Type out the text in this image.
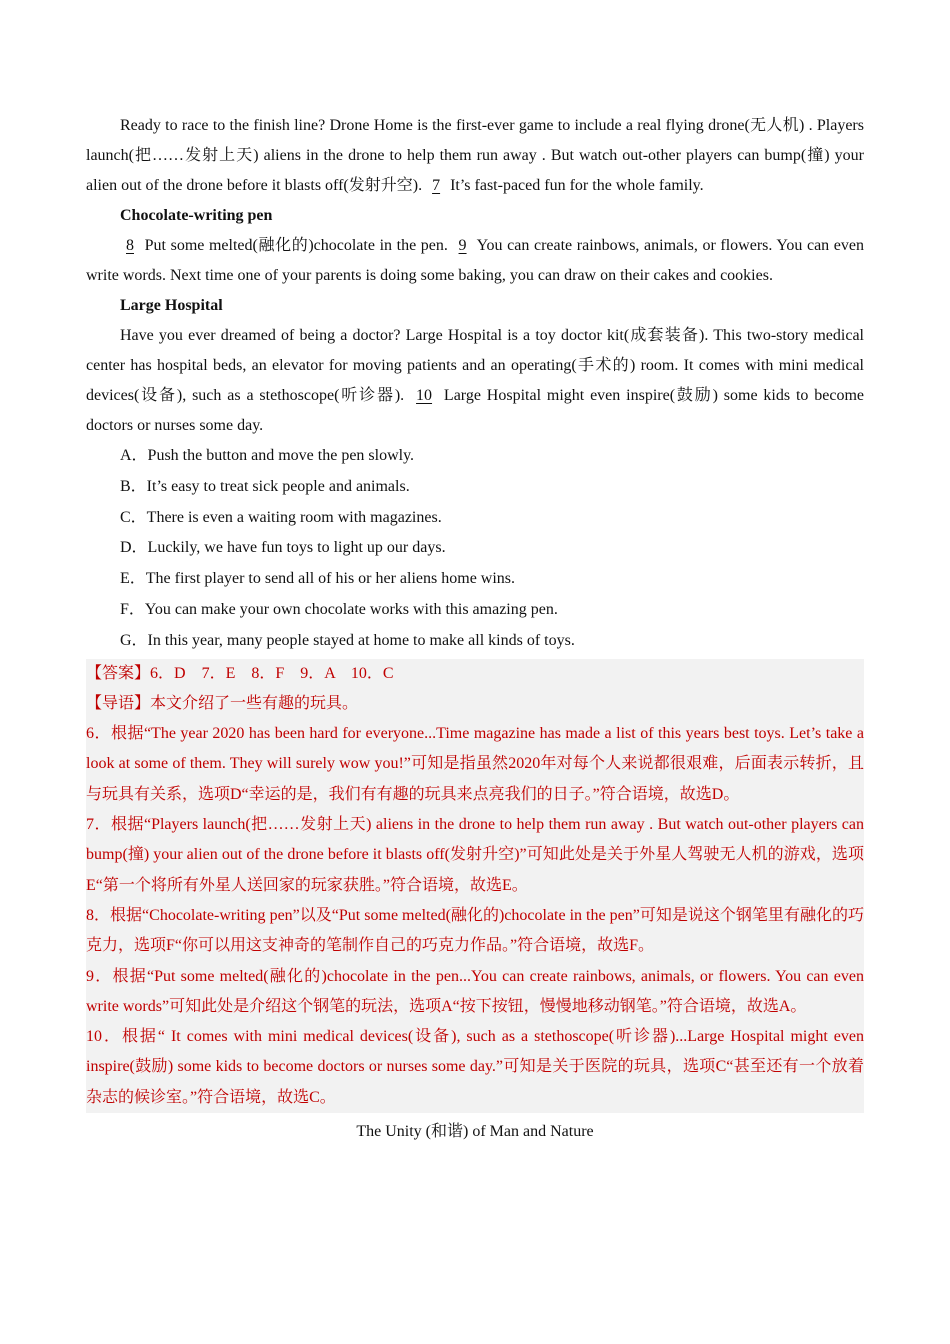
Ready to race to the finish line? Drone Home is the first-ever game to include a real flying drone(无人机) . Players launch(把……发射上天) aliens in the drone to help them run away . But watch out-other players can bump(撞) your alien out of the drone before it blasts off(发射升空). 7 It’s fast-paced fun for the whole family.

Chocolate-writing pen

8 Put some melted(融化的)chocolate in the pen. 9 You can create rainbows, animals, or flowers. You can even write words. Next time one of your parents is doing some baking, you can draw on their cakes and cookies.

Large Hospital

Have you ever dreamed of being a doctor? Large Hospital is a toy doctor kit(成套装备). This two-story medical center has hospital beds, an elevator for moving patients and an operating(手术的) room. It comes with mini medical devices(设备), such as a stethoscope(听诊器). 10 Large Hospital might even inspire(鼓励) some kids to become doctors or nurses some day.

A．Push the button and move the pen slowly.

B．It’s easy to treat sick people and animals.

C．There is even a waiting room with magazines.

D．Luckily, we have fun toys to light up our days.

E．The first player to send all of his or her aliens home wins.

F．You can make your own chocolate works with this amazing pen.

G．In this year, many people stayed at home to make all kinds of toys.

【答案】6．D　7．E　8．F　9．A　10．C

【导语】本文介绍了一些有趣的玩具。

6．根据“The year 2020 has been hard for everyone...Time magazine has made a list of this years best toys. Let’s take a look at some of them. They will surely wow you!”可知是指虽然2020年对每个人来说都很艰难，后面表示转折，且与玩具有关系，选项D“幸运的是，我们有有趣的玩具来点亮我们的日子。”符合语境，故选D。

7．根据“Players launch(把……发射上天) aliens in the drone to help them run away . But watch out-other players can bump(撞) your alien out of the drone before it blasts off(发射升空)”可知此处是关于外星人驾驶无人机的游戏，选项E“第一个将所有外星人送回家的玩家获胜。”符合语境，故选E。

8．根据“Chocolate-writing pen”以及“Put some melted(融化的)chocolate in the pen”可知是说这个钢笔里有融化的巧克力，选项F“你可以用这支神奇的笔制作自己的巧克力作品。”符合语境，故选F。

9．根据“Put some melted(融化的)chocolate in the pen...You can create rainbows, animals, or flowers. You can even write words”可知此处是介绍这个钢笔的玩法，选项A“按下按钮，慢慢地移动钢笔。”符合语境，故选A。

10．根据“ It comes with mini medical devices(设备), such as a stethoscope(听诊器)...Large Hospital might even inspire(鼓励) some kids to become doctors or nurses some day.”可知是关于医院的玩具，选项C“甚至还有一个放着杂志的候诊室。”符合语境，故选C。

The Unity (和谐) of Man and Nature
